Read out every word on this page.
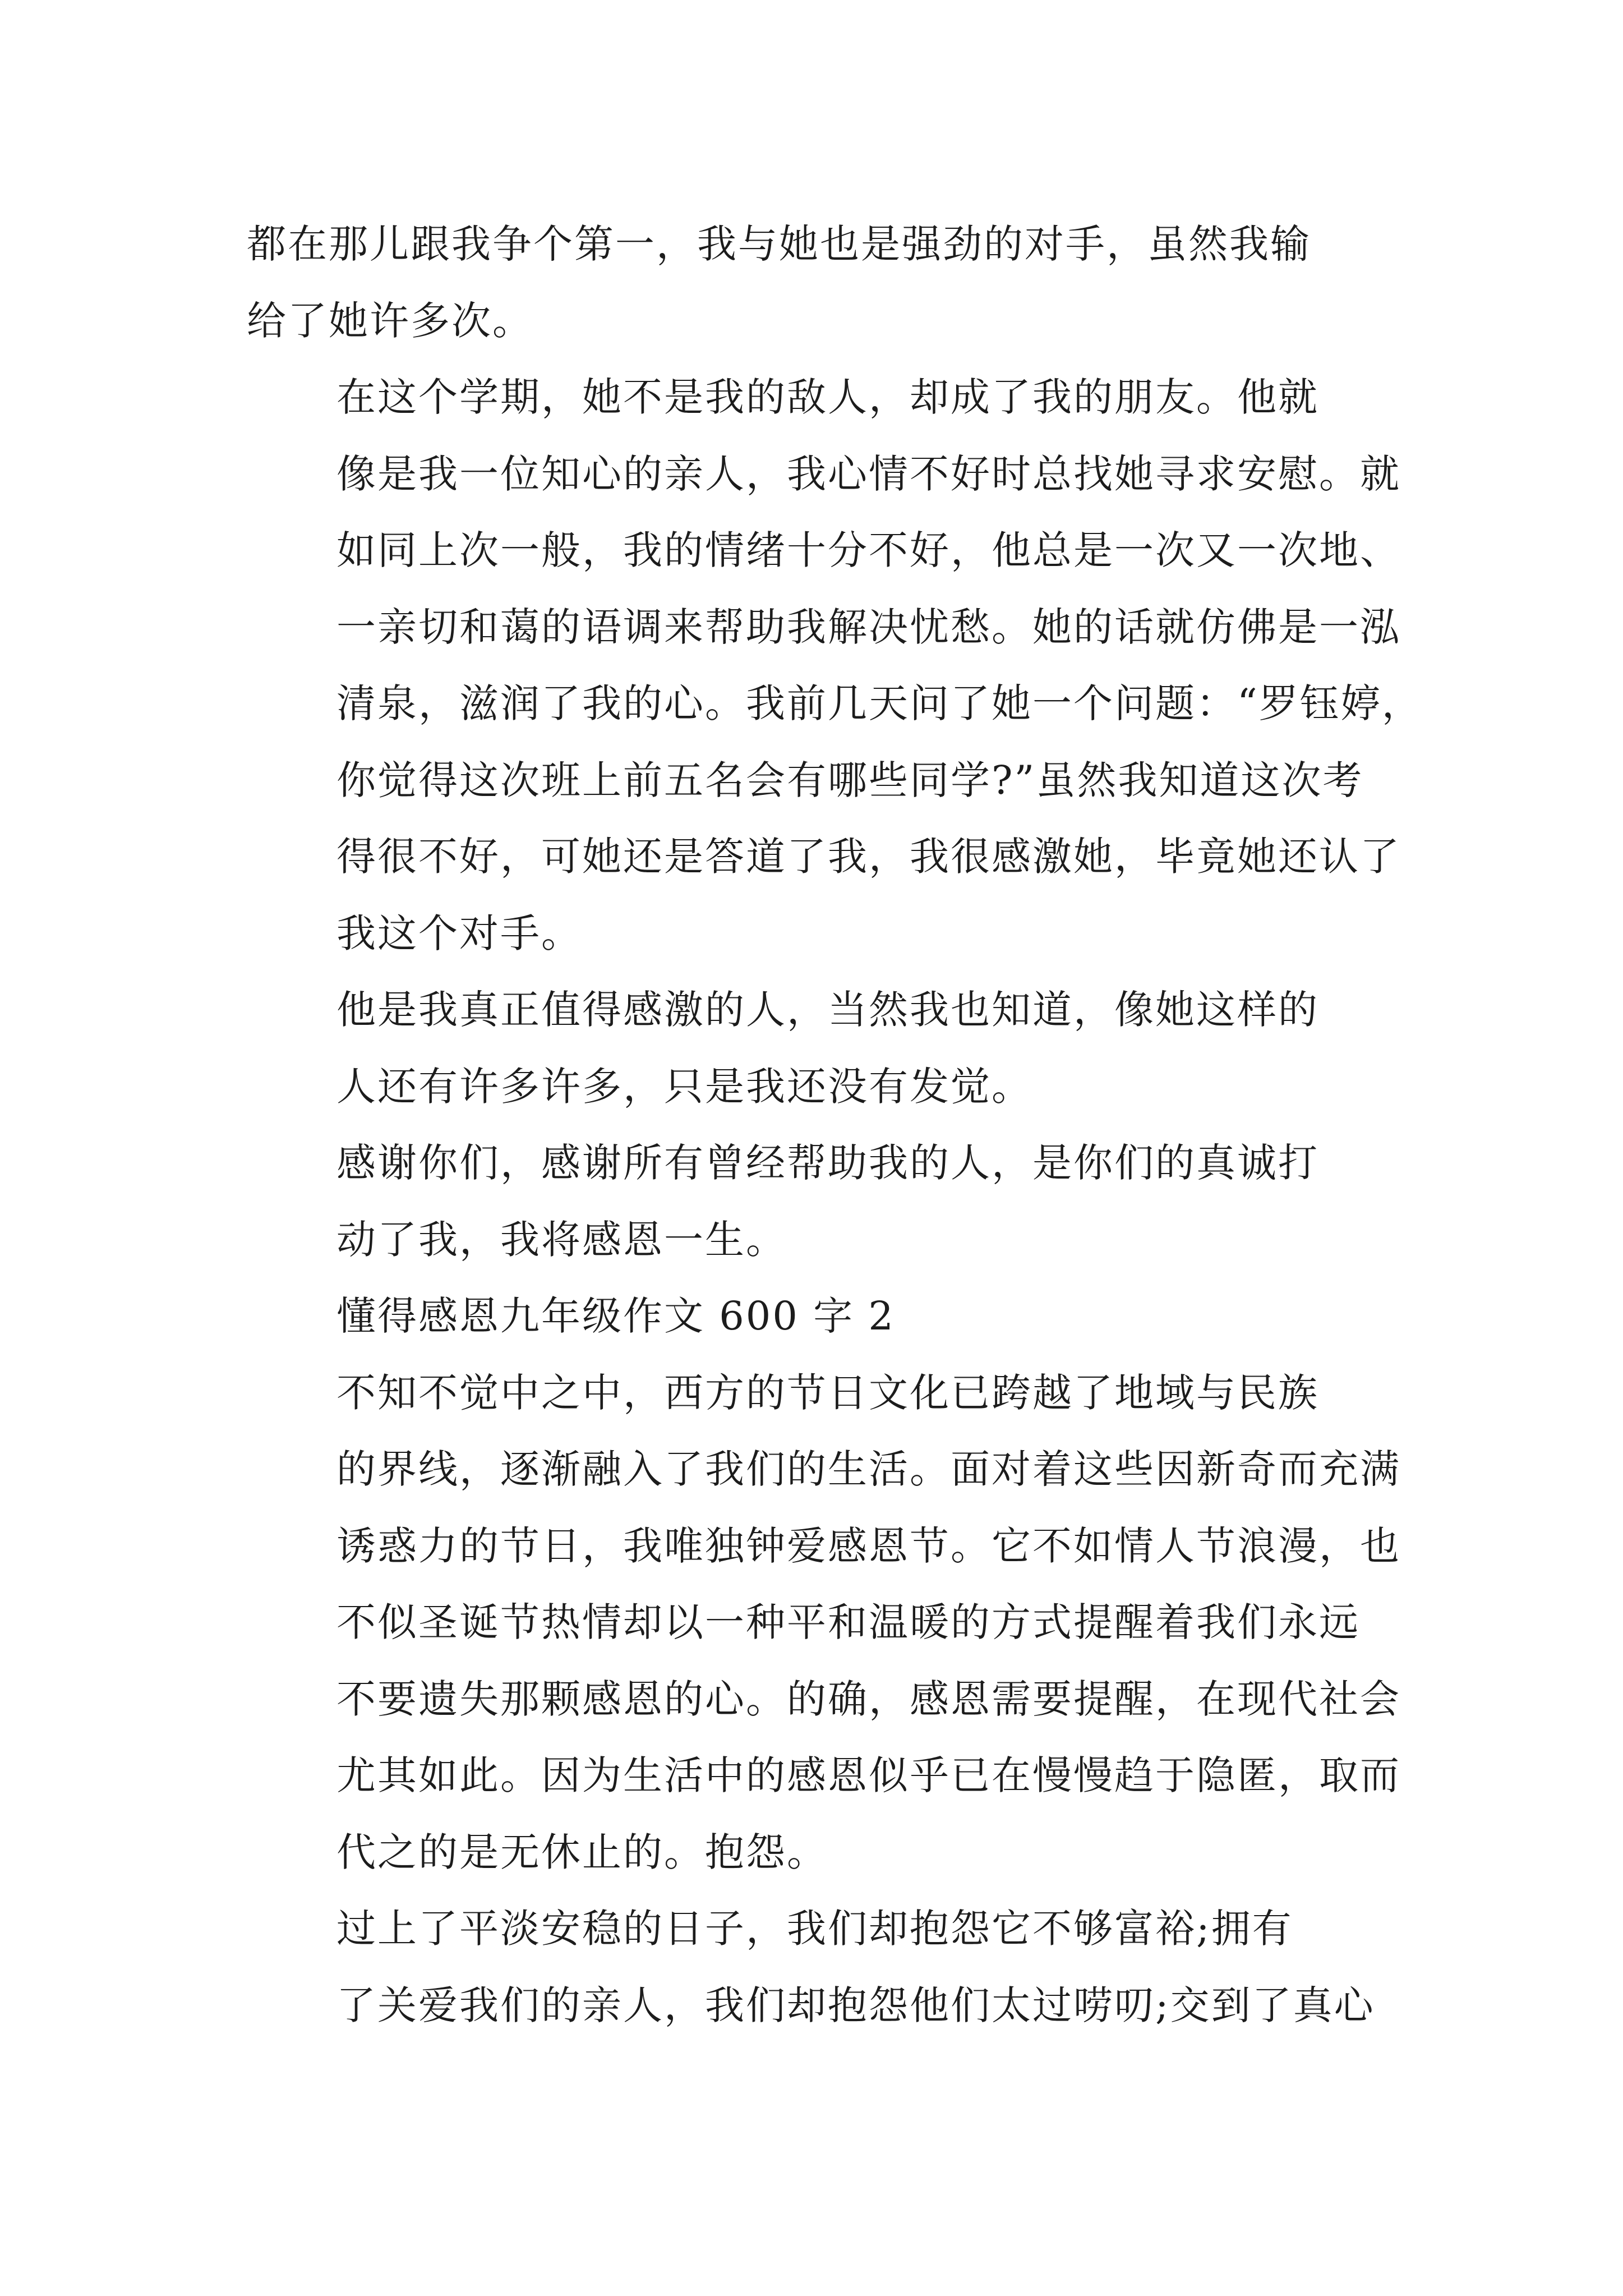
都在那儿跟我争个第一，我与她也是强劲的对手，虽然我输
给了她许多次。

在这个学期，她不是我的敌人，却成了我的朋友。他就
像是我一位知心的亲人，我心情不好时总找她寻求安慰。就
如同上次一般，我的情绪十分不好，他总是一次又一次地、
一亲切和蔼的语调来帮助我解决忧愁。她的话就仿佛是一泓
清泉，滋润了我的心。我前几天问了她一个问题：“罗钰婷，
你觉得这次班上前五名会有哪些同学?”虽然我知道这次考
得很不好，可她还是答道了我，我很感激她，毕竟她还认了
我这个对手。

他是我真正值得感激的人，当然我也知道，像她这样的
人还有许多许多，只是我还没有发觉。

感谢你们，感谢所有曾经帮助我的人，是你们的真诚打
动了我，我将感恩一生。

懂得感恩九年级作文 600 字 2

不知不觉中之中，西方的节日文化已跨越了地域与民族
的界线，逐渐融入了我们的生活。面对着这些因新奇而充满
诱惑力的节日，我唯独钟爱感恩节。它不如情人节浪漫，也
不似圣诞节热情却以一种平和温暖的方式提醒着我们永远
不要遗失那颗感恩的心。的确，感恩需要提醒，在现代社会
尤其如此。因为生活中的感恩似乎已在慢慢趋于隐匿，取而
代之的是无休止的。抱怨。

过上了平淡安稳的日子，我们却抱怨它不够富裕;拥有
了关爱我们的亲人，我们却抱怨他们太过唠叨;交到了真心
